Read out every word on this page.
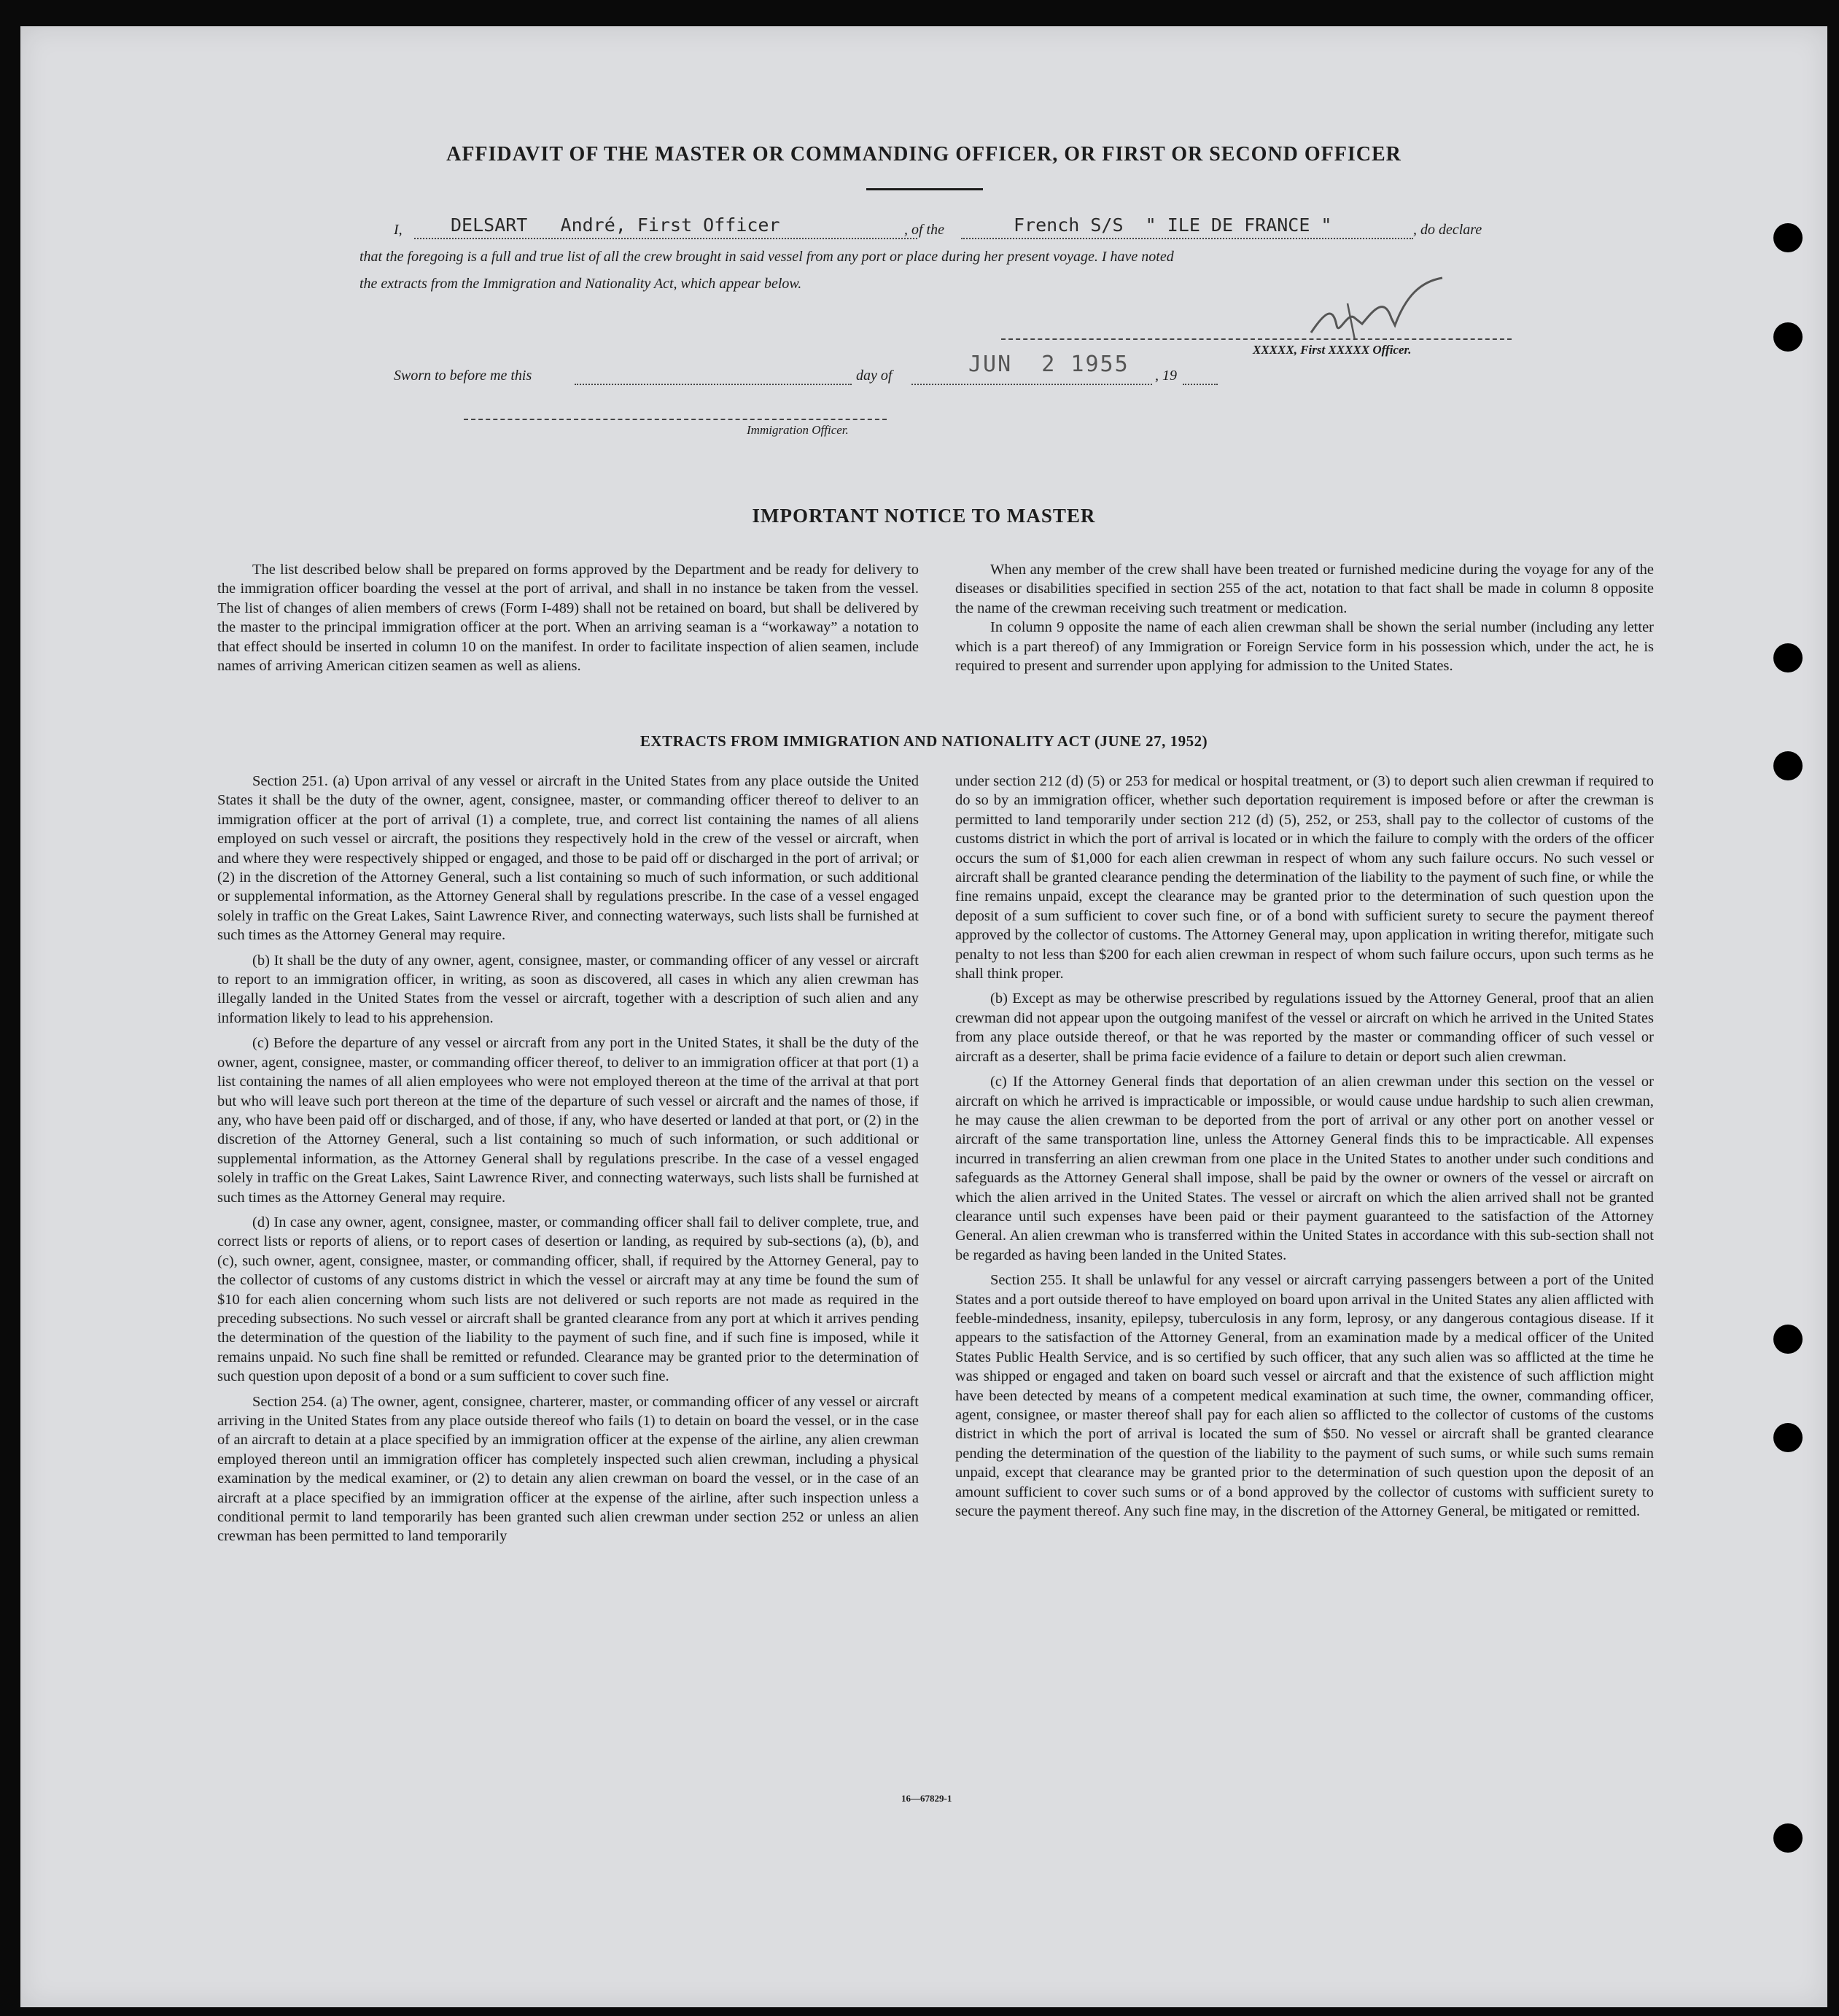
AFFIDAVIT OF THE MASTER OR COMMANDING OFFICER, OR FIRST OR SECOND OFFICER
I,	DELSART   André, First Officer	, of the	French S/S  " ILE DE FRANCE "	, do declare
that the foregoing is a full and true list of all the crew brought in said vessel from any port or place during her present voyage. I have noted
the extracts from the Immigration and Nationality Act, which appear below.
XXXXX, First XXXXX Officer.
Sworn to before me this	day of	JUN  2 1955 , 19
Immigration Officer.
IMPORTANT NOTICE TO MASTER

The list described below shall be prepared on forms approved by the Department and be ready for delivery to the immigration officer boarding the vessel at the port of arrival, and shall in no instance be taken from the vessel. The list of changes of alien members of crews (Form I-489) shall not be retained on board, but shall be delivered by the master to the principal immigration officer at the port. When an arriving seaman is a “workaway” a notation to that effect should be inserted in column 10 on the manifest. In order to facilitate inspection of alien seamen, include names of arriving American citizen seamen as well as aliens.

When any member of the crew shall have been treated or furnished medicine during the voyage for any of the diseases or disabilities specified in section 255 of the act, notation to that fact shall be made in column 8 opposite the name of the crewman receiving such treatment or medication.

In column 9 opposite the name of each alien crewman shall be shown the serial number (including any letter which is a part thereof) of any Immigration or Foreign Service form in his possession which, under the act, he is required to present and surrender upon applying for admission to the United States.

EXTRACTS FROM IMMIGRATION AND NATIONALITY ACT (JUNE 27, 1952)

Section 251. (a) Upon arrival of any vessel or aircraft in the United States from any place outside the United States it shall be the duty of the owner, agent, consignee, master, or commanding officer thereof to deliver to an immigration officer at the port of arrival (1) a complete, true, and correct list containing the names of all aliens employed on such vessel or aircraft, the positions they respectively hold in the crew of the vessel or aircraft, when and where they were respectively shipped or engaged, and those to be paid off or discharged in the port of arrival; or (2) in the discretion of the Attorney General, such a list containing so much of such information, or such additional or supplemental information, as the Attorney General shall by regulations prescribe. In the case of a vessel engaged solely in traffic on the Great Lakes, Saint Lawrence River, and connecting waterways, such lists shall be furnished at such times as the Attorney General may require.

(b) It shall be the duty of any owner, agent, consignee, master, or commanding officer of any vessel or aircraft to report to an immigration officer, in writing, as soon as discovered, all cases in which any alien crewman has illegally landed in the United States from the vessel or aircraft, together with a description of such alien and any information likely to lead to his apprehension.

(c) Before the departure of any vessel or aircraft from any port in the United States, it shall be the duty of the owner, agent, consignee, master, or commanding officer thereof, to deliver to an immigration officer at that port (1) a list containing the names of all alien employees who were not employed thereon at the time of the arrival at that port but who will leave such port thereon at the time of the departure of such vessel or aircraft and the names of those, if any, who have been paid off or discharged, and of those, if any, who have deserted or landed at that port, or (2) in the discretion of the Attorney General, such a list containing so much of such information, or such additional or supplemental information, as the Attorney General shall by regulations prescribe. In the case of a vessel engaged solely in traffic on the Great Lakes, Saint Lawrence River, and connecting waterways, such lists shall be furnished at such times as the Attorney General may require.

(d) In case any owner, agent, consignee, master, or commanding officer shall fail to deliver complete, true, and correct lists or reports of aliens, or to report cases of desertion or landing, as required by sub-sections (a), (b), and (c), such owner, agent, consignee, master, or commanding officer, shall, if required by the Attorney General, pay to the collector of customs of any customs district in which the vessel or aircraft may at any time be found the sum of $10 for each alien concerning whom such lists are not delivered or such reports are not made as required in the preceding subsections. No such vessel or aircraft shall be granted clearance from any port at which it arrives pending the determination of the question of the liability to the payment of such fine, and if such fine is imposed, while it remains unpaid. No such fine shall be remitted or refunded. Clearance may be granted prior to the determination of such question upon deposit of a bond or a sum sufficient to cover such fine.

Section 254. (a) The owner, agent, consignee, charterer, master, or commanding officer of any vessel or aircraft arriving in the United States from any place outside thereof who fails (1) to detain on board the vessel, or in the case of an aircraft to detain at a place specified by an immigration officer at the expense of the airline, any alien crewman employed thereon until an immigration officer has completely inspected such alien crewman, including a physical examination by the medical examiner, or (2) to detain any alien crewman on board the vessel, or in the case of an aircraft at a place specified by an immigration officer at the expense of the airline, after such inspection unless a conditional permit to land temporarily has been granted such alien crewman under section 252 or unless an alien crewman has been permitted to land temporarily

under section 212 (d) (5) or 253 for medical or hospital treatment, or (3) to deport such alien crewman if required to do so by an immigration officer, whether such deportation requirement is imposed before or after the crewman is permitted to land temporarily under section 212 (d) (5), 252, or 253, shall pay to the collector of customs of the customs district in which the port of arrival is located or in which the failure to comply with the orders of the officer occurs the sum of $1,000 for each alien crewman in respect of whom any such failure occurs. No such vessel or aircraft shall be granted clearance pending the determination of the liability to the payment of such fine, or while the fine remains unpaid, except the clearance may be granted prior to the determination of such question upon the deposit of a sum sufficient to cover such fine, or of a bond with sufficient surety to secure the payment thereof approved by the collector of customs. The Attorney General may, upon application in writing therefor, mitigate such penalty to not less than $200 for each alien crewman in respect of whom such failure occurs, upon such terms as he shall think proper.

(b) Except as may be otherwise prescribed by regulations issued by the Attorney General, proof that an alien crewman did not appear upon the outgoing manifest of the vessel or aircraft on which he arrived in the United States from any place outside thereof, or that he was reported by the master or commanding officer of such vessel or aircraft as a deserter, shall be prima facie evidence of a failure to detain or deport such alien crewman.

(c) If the Attorney General finds that deportation of an alien crewman under this section on the vessel or aircraft on which he arrived is impracticable or impossible, or would cause undue hardship to such alien crewman, he may cause the alien crewman to be deported from the port of arrival or any other port on another vessel or aircraft of the same transportation line, unless the Attorney General finds this to be impracticable. All expenses incurred in transferring an alien crewman from one place in the United States to another under such conditions and safeguards as the Attorney General shall impose, shall be paid by the owner or owners of the vessel or aircraft on which the alien arrived in the United States. The vessel or aircraft on which the alien arrived shall not be granted clearance until such expenses have been paid or their payment guaranteed to the satisfaction of the Attorney General. An alien crewman who is transferred within the United States in accordance with this sub-section shall not be regarded as having been landed in the United States.

Section 255. It shall be unlawful for any vessel or aircraft carrying passengers between a port of the United States and a port outside thereof to have employed on board upon arrival in the United States any alien afflicted with feeble-mindedness, insanity, epilepsy, tuberculosis in any form, leprosy, or any dangerous contagious disease. If it appears to the satisfaction of the Attorney General, from an examination made by a medical officer of the United States Public Health Service, and is so certified by such officer, that any such alien was so afflicted at the time he was shipped or engaged and taken on board such vessel or aircraft and that the existence of such affliction might have been detected by means of a competent medical examination at such time, the owner, commanding officer, agent, consignee, or master thereof shall pay for each alien so afflicted to the collector of customs of the customs district in which the port of arrival is located the sum of $50. No vessel or aircraft shall be granted clearance pending the determination of the question of the liability to the payment of such sums, or while such sums remain unpaid, except that clearance may be granted prior to the determination of such question upon the deposit of an amount sufficient to cover such sums or of a bond approved by the collector of customs with sufficient surety to secure the payment thereof. Any such fine may, in the discretion of the Attorney General, be mitigated or remitted.

16—67829-1
